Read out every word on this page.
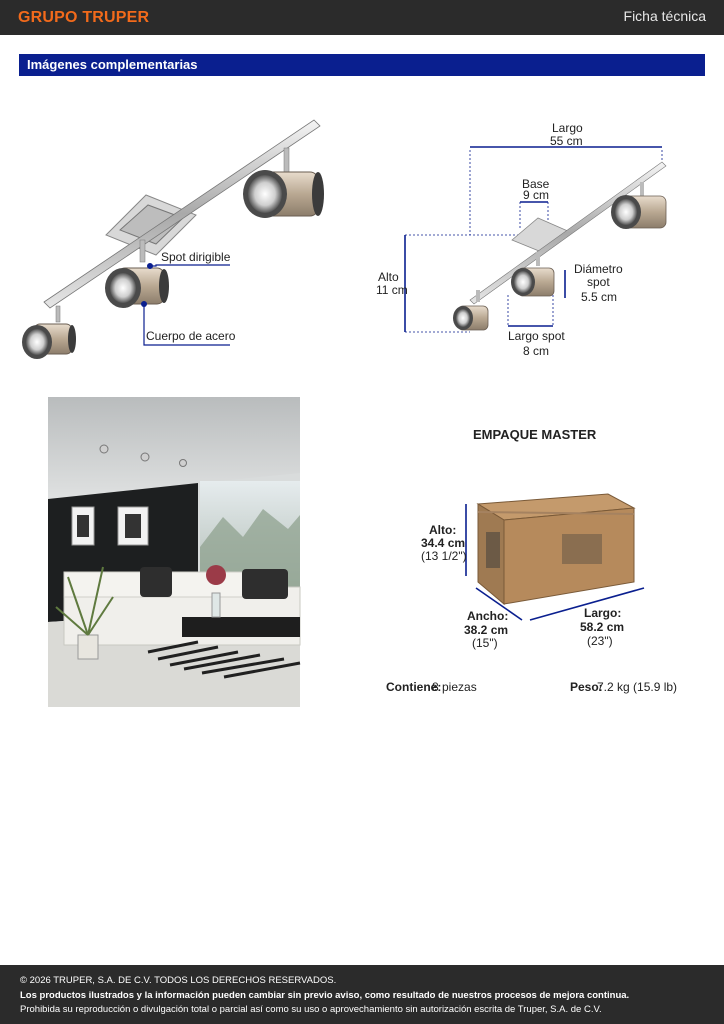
GRUPO TRUPER	Ficha técnica
Imágenes complementarias
Spot dirigible
Cuerpo de acero
Largo
55 cm
Base
9 cm
Alto
11 cm
Diámetro
spot
5.5 cm
Largo spot
8 cm
EMPAQUE MASTER
Alto:
34.4 cm
(13 1/2")
Ancho:
38.2 cm
(15")
Largo:
58.2 cm
(23")
Contiene:
8 piezas	Peso:
7.2 kg (15.9 lb)
© 2026 TRUPER, S.A. DE C.V. TODOS LOS DERECHOS RESERVADOS.
Los productos ilustrados y la información pueden cambiar sin previo aviso, como resultado de nuestros procesos de mejora continua.
Prohibida su reproducción o divulgación total o parcial así como su uso o aprovechamiento sin autorización escrita de Truper, S.A. de C.V.
